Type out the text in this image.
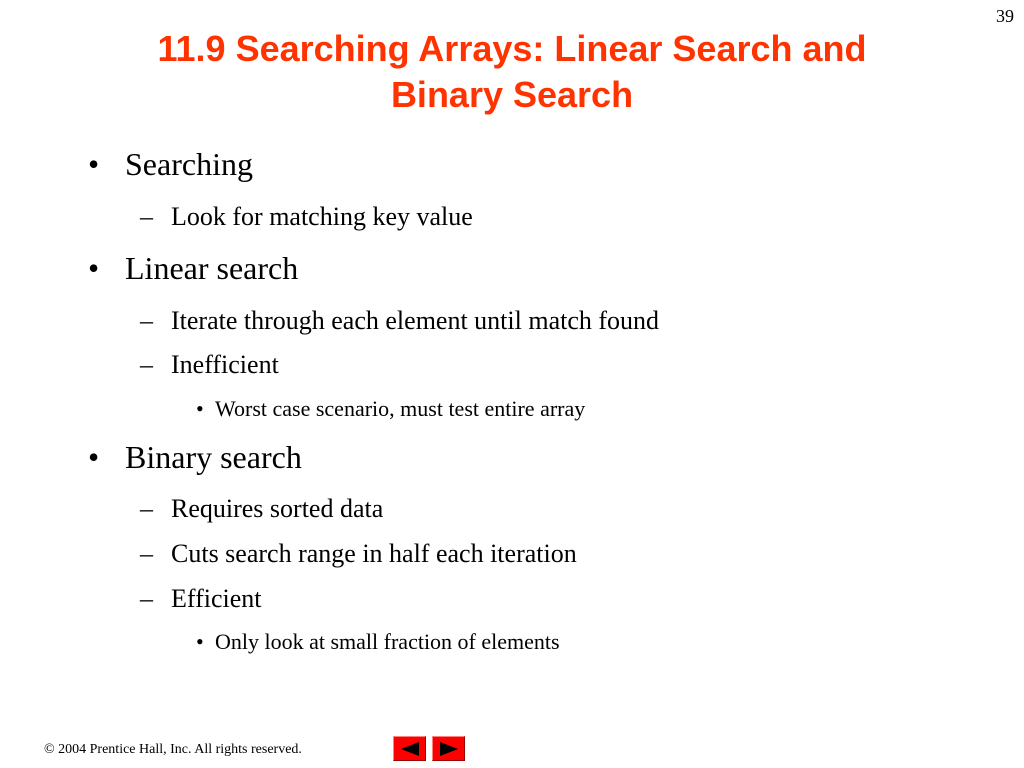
39
11.9 Searching Arrays: Linear Search and
Binary Search
• Searching
– Look for matching key value
• Linear search
– Iterate through each element until match found
– Inefficient
• Worst case scenario, must test entire array
• Binary search
– Requires sorted data
– Cuts search range in half each iteration
– Efficient
• Only look at small fraction of elements
© 2004 Prentice Hall, Inc. All rights reserved.
